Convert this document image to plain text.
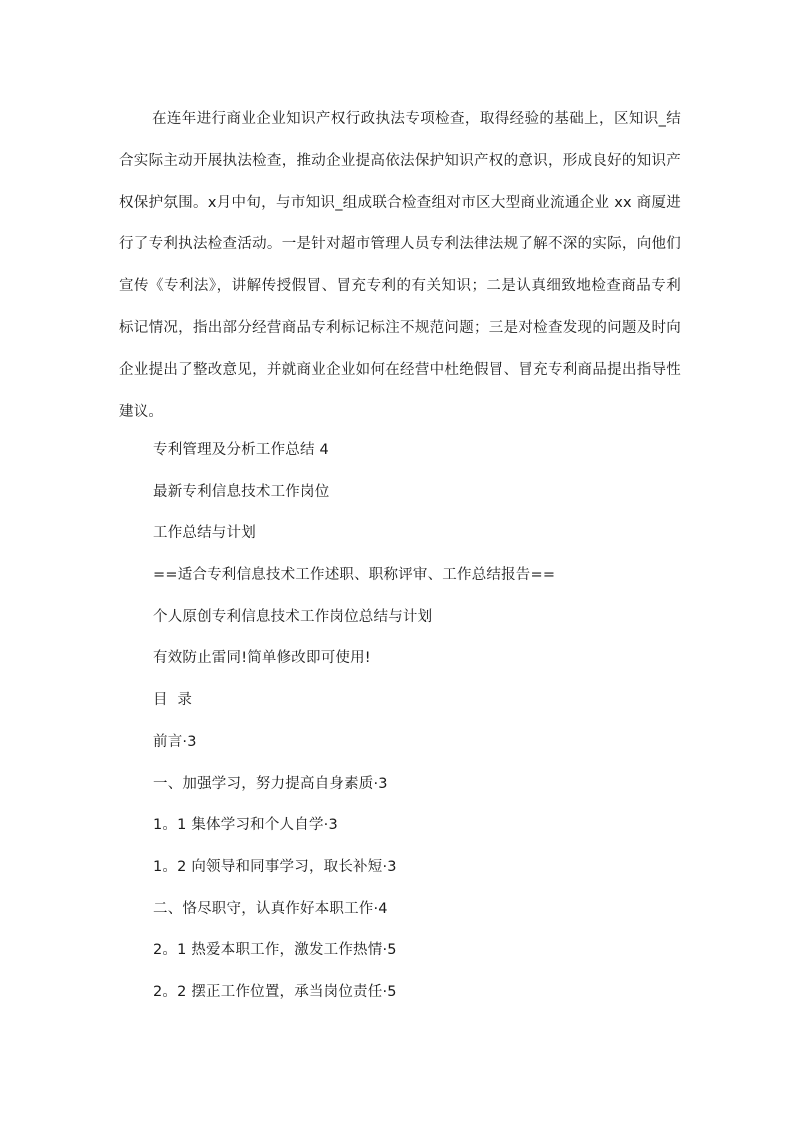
在连年进行商业企业知识产权行政执法专项检查，取得经验的基础上，区知识_结合实际主动开展执法检查，推动企业提高依法保护知识产权的意识，形成良好的知识产权保护氛围。x月中旬，与市知识_组成联合检查组对市区大型商业流通企业 xx 商厦进行了专利执法检查活动。一是针对超市管理人员专利法律法规了解不深的实际，向他们宣传《专利法》，讲解传授假冒、冒充专利的有关知识；二是认真细致地检查商品专利标记情况，指出部分经营商品专利标记标注不规范问题；三是对检查发现的问题及时向企业提出了整改意见，并就商业企业如何在经营中杜绝假冒、冒充专利商品提出指导性建议。

专利管理及分析工作总结 4
最新专利信息技术工作岗位
工作总结与计划
==适合专利信息技术工作述职、职称评审、工作总结报告==
个人原创专利信息技术工作岗位总结与计划
有效防止雷同!简单修改即可使用!
目  录
前言·3
一、加强学习，努力提高自身素质·3
1。1 集体学习和个人自学·3
1。2 向领导和同事学习，取长补短·3
二、恪尽职守，认真作好本职工作·4
2。1 热爱本职工作，激发工作热情·5
2。2 摆正工作位置，承当岗位责任·5
